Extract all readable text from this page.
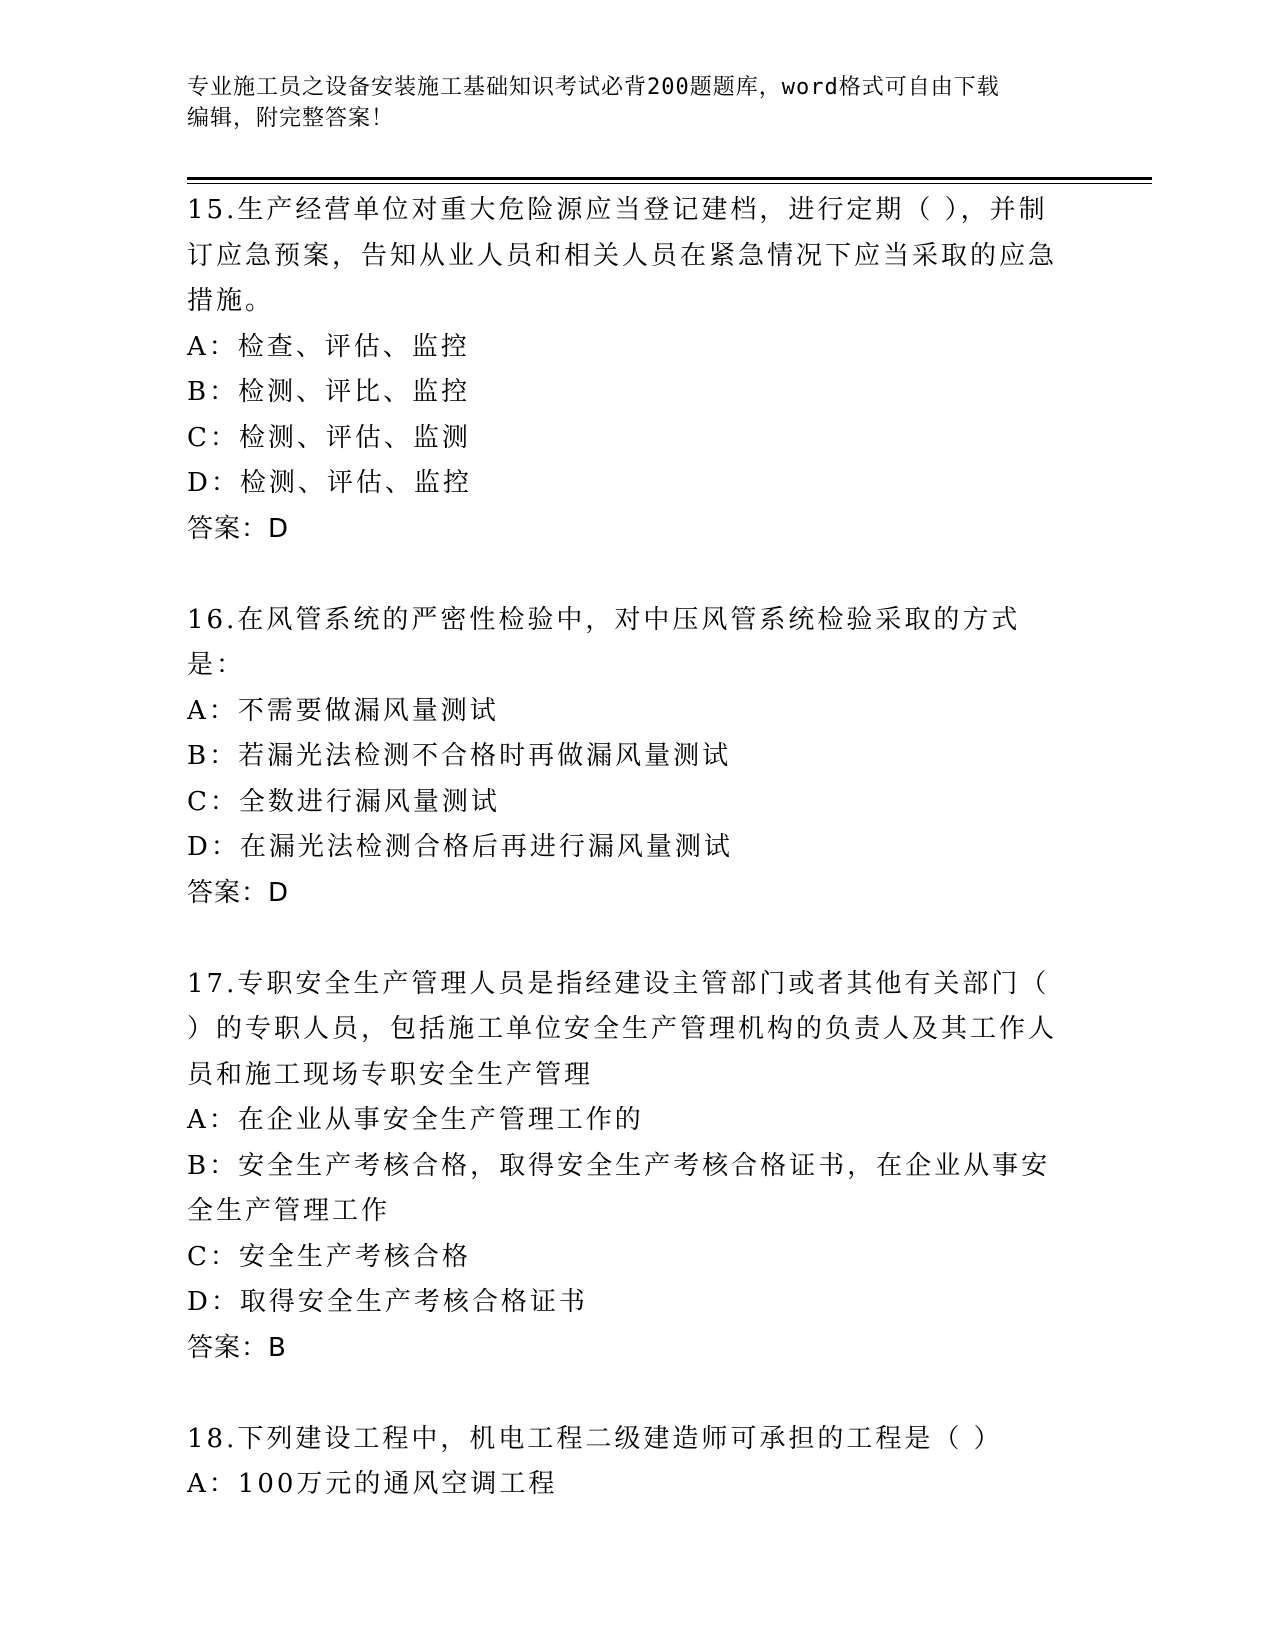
专业施工员之设备安装施工基础知识考试必背200题题库，word格式可自由下载
编辑，附完整答案！

15.生产经营单位对重大危险源应当登记建档，进行定期（ ），并制订应急预案，告知从业人员和相关人员在紧急情况下应当采取的应急措施。

A：检查、评估、监控

B：检测、评比、监控

C：检测、评估、监测

D：检测、评估、监控

答案：D

16.在风管系统的严密性检验中，对中压风管系统检验采取的方式是：

A：不需要做漏风量测试

B：若漏光法检测不合格时再做漏风量测试

C：全数进行漏风量测试

D：在漏光法检测合格后再进行漏风量测试

答案：D

17.专职安全生产管理人员是指经建设主管部门或者其他有关部门（ ）的专职人员，包括施工单位安全生产管理机构的负责人及其工作人员和施工现场专职安全生产管理

A：在企业从事安全生产管理工作的

B：安全生产考核合格，取得安全生产考核合格证书，在企业从事安全生产管理工作

C：安全生产考核合格

D：取得安全生产考核合格证书

答案：B

18.下列建设工程中，机电工程二级建造师可承担的工程是（ ）

A：100万元的通风空调工程
